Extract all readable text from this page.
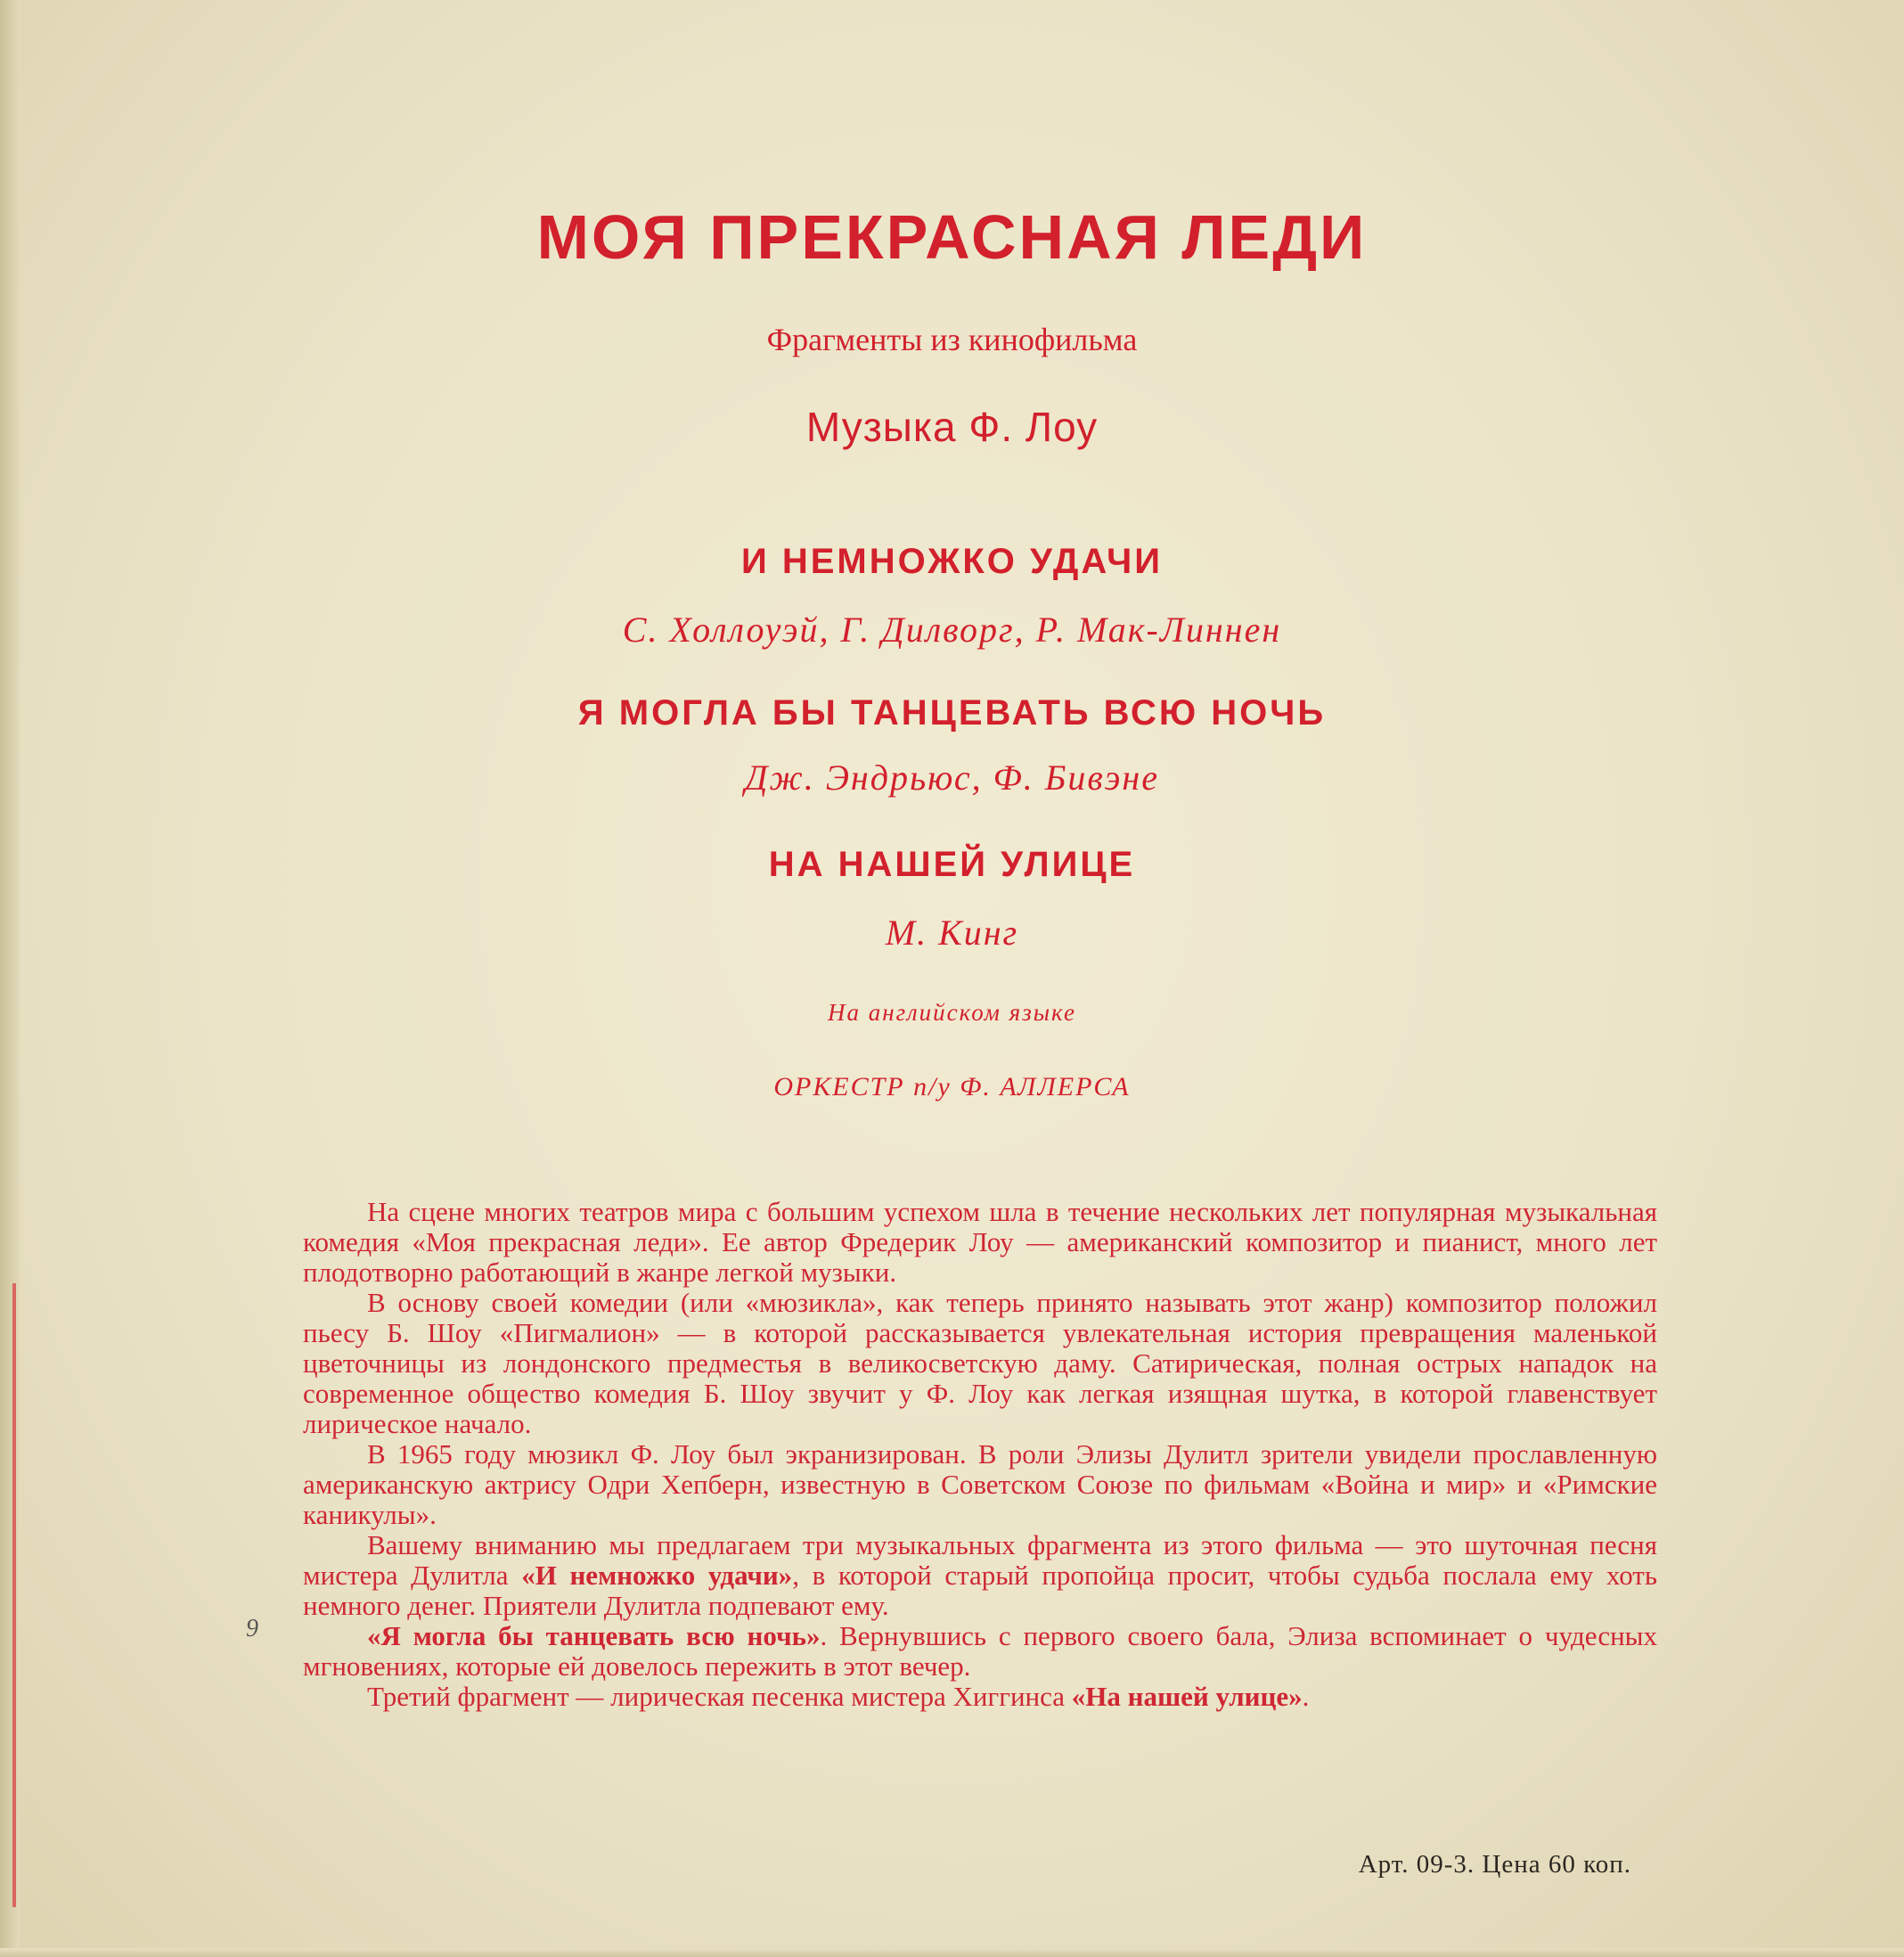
МОЯ ПРЕКРАСНАЯ ЛЕДИ
Фрагменты из кинофильма
Музыка Ф. Лоу
И НЕМНОЖКО УДАЧИ
С. Холлоуэй, Г. Дилворг, Р. Мак-Линнен
Я МОГЛА БЫ ТАНЦЕВАТЬ ВСЮ НОЧЬ
Дж. Эндрьюс, Ф. Бивэне
НА НАШЕЙ УЛИЦЕ
М. Кинг
На английском языке
ОРКЕСТР п/у Ф. АЛЛЕРСА

На сцене многих театров мира с большим успехом шла в течение нескольких лет популярная музыкальная комедия «Моя прекрасная леди». Ее автор Фредерик Лоу — американский композитор и пианист, много лет плодотворно работающий в жанре легкой музыки.

В основу своей комедии (или «мюзикла», как теперь принято называть этот жанр) композитор положил пьесу Б. Шоу «Пигмалион» — в которой рассказывается увлекательная история превращения маленькой цветочницы из лондонского предместья в великосветскую даму. Сатирическая, полная острых нападок на современное общество комедия Б. Шоу звучит у Ф. Лоу как легкая изящная шутка, в которой главенствует лирическое начало.

В 1965 году мюзикл Ф. Лоу был экранизирован. В роли Элизы Дулитл зрители увидели прославленную американскую актрису Одри Хепберн, известную в Советском Союзе по фильмам «Война и мир» и «Римские каникулы».

Вашему вниманию мы предлагаем три музыкальных фрагмента из этого фильма — это шуточная песня мистера Дулитла «И немножко удачи», в которой старый пропойца просит, чтобы судьба послала ему хоть немного денег. Приятели Дулитла подпевают ему.

«Я могла бы танцевать всю ночь». Вернувшись с первого своего бала, Элиза вспоминает о чудесных мгновениях, которые ей довелось пережить в этот вечер.

Третий фрагмент — лирическая песенка мистера Хиггинса «На нашей улице».

9
Арт. 09-3. Цена 60 коп.
